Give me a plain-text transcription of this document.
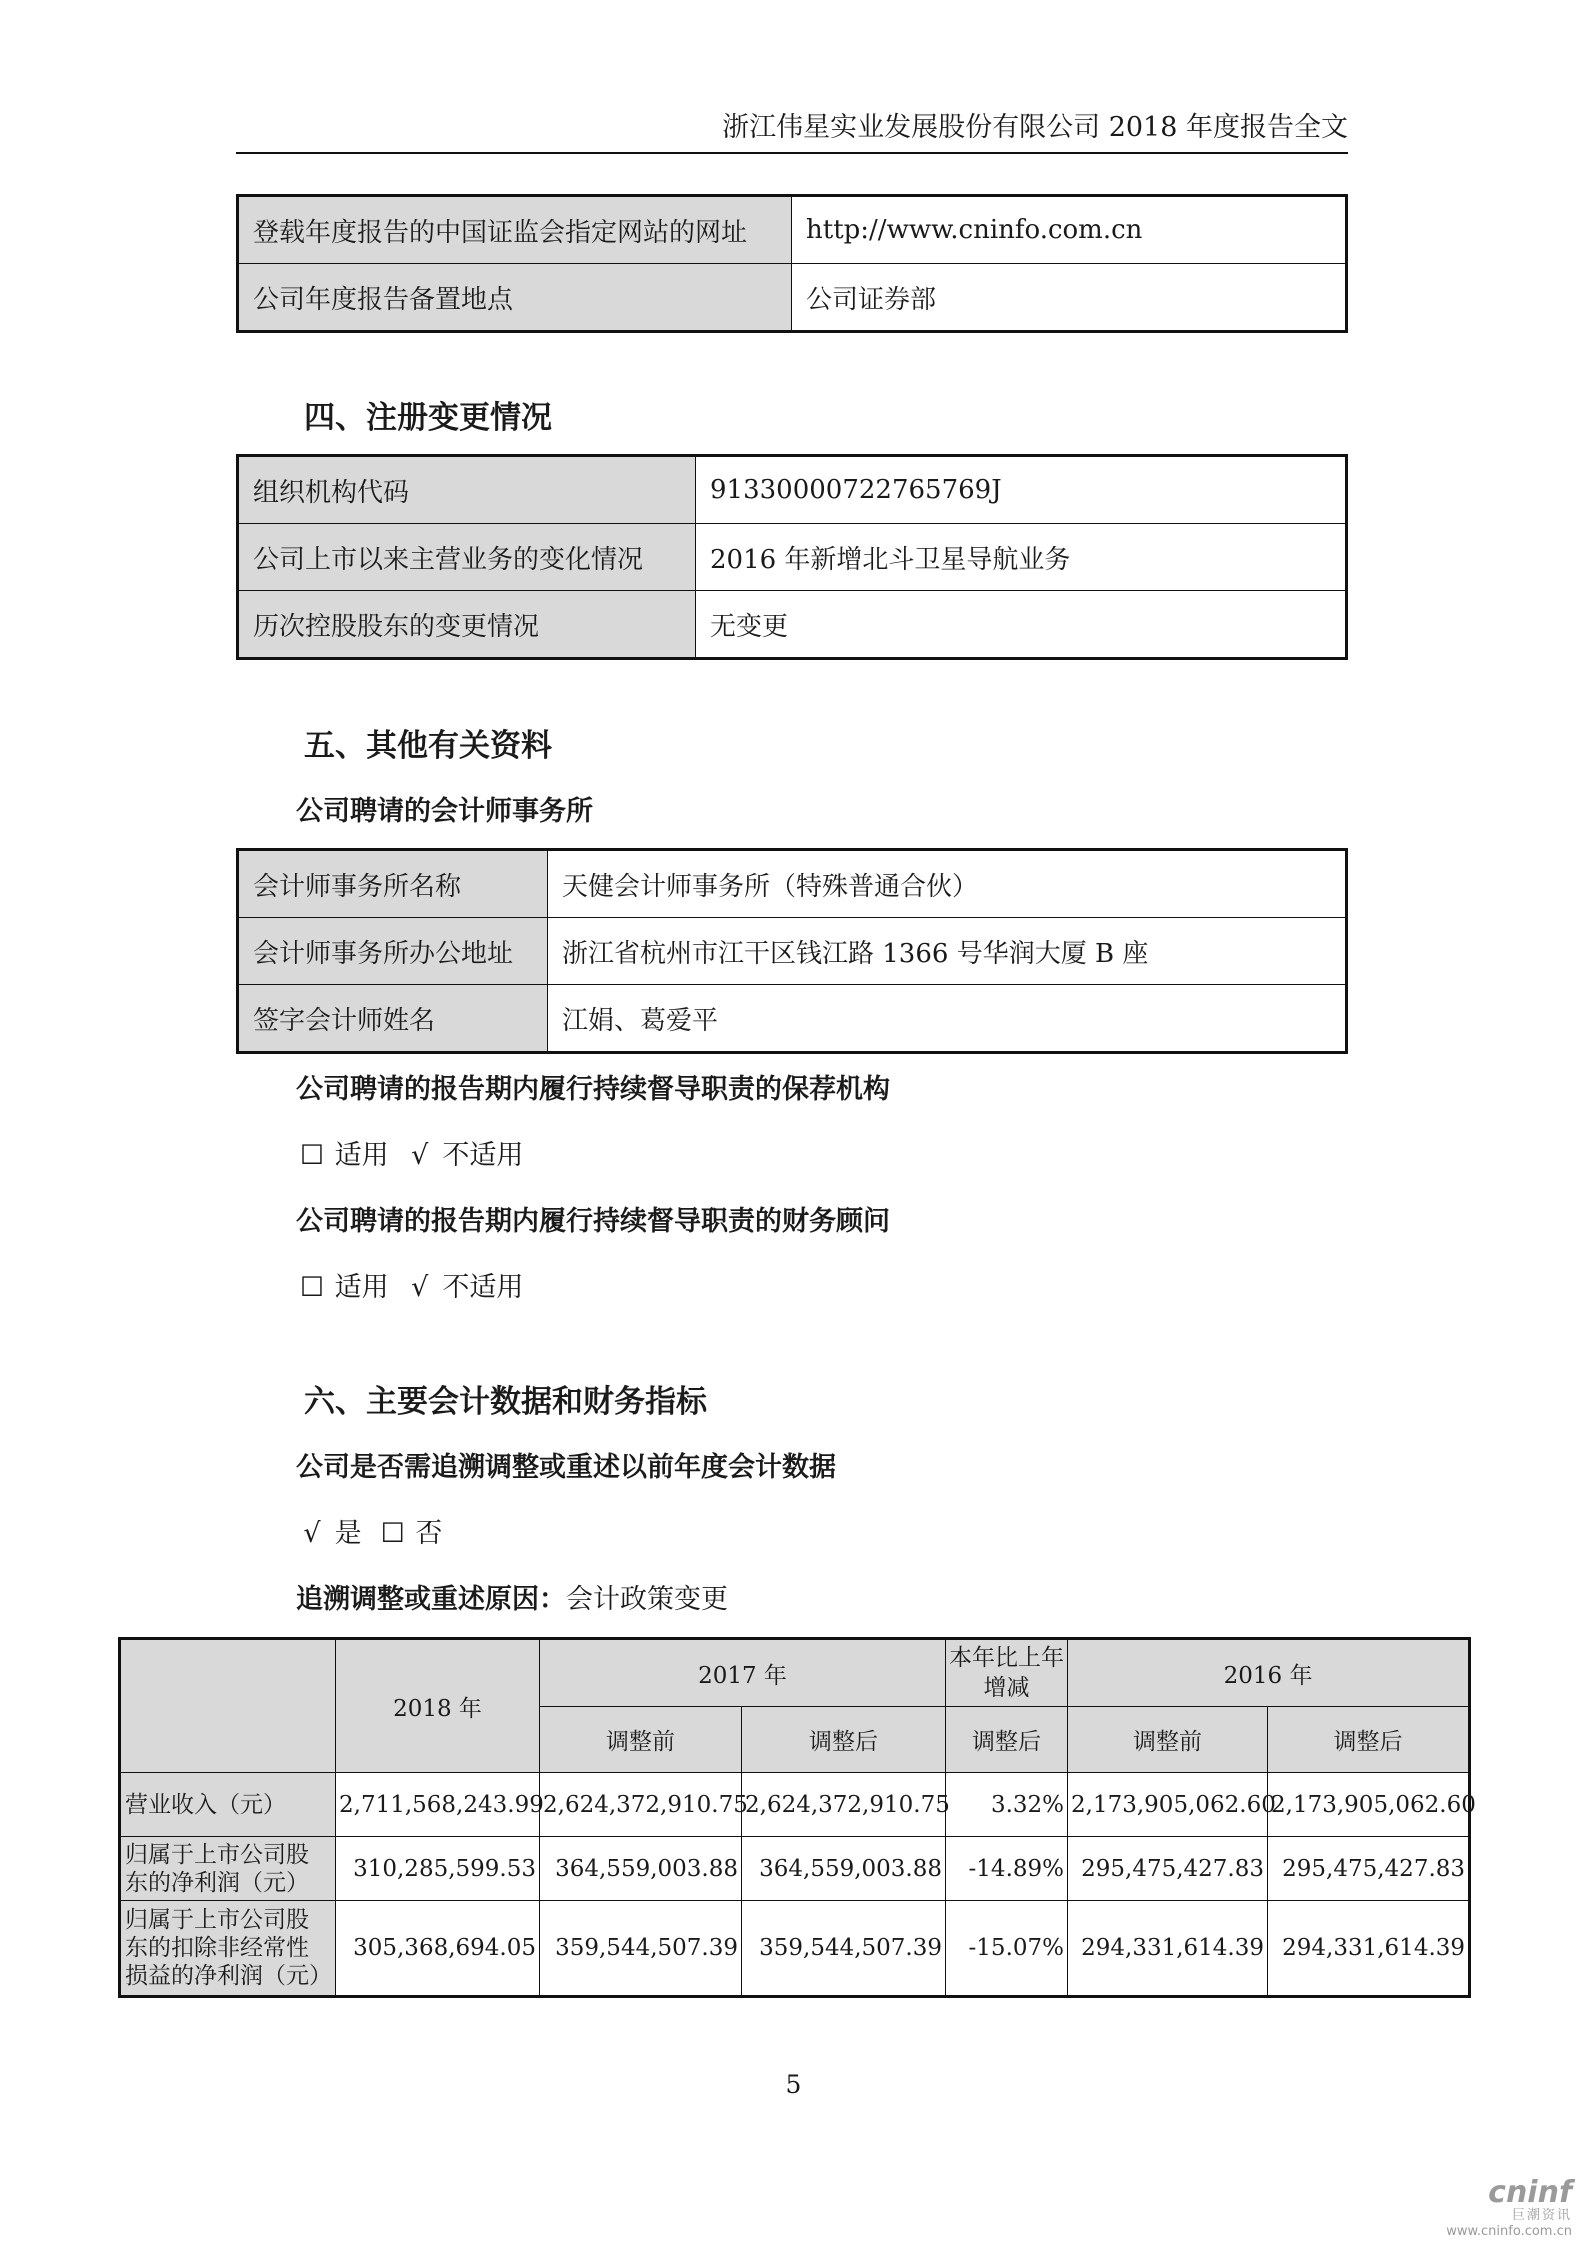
浙江伟星实业发展股份有限公司 2018 年度报告全文
登载年度报告的中国证监会指定网站的网址	http://www.cninfo.com.cn
公司年度报告备置地点	公司证券部
四、注册变更情况
组织机构代码	91330000722765769J
公司上市以来主营业务的变化情况	2016 年新增北斗卫星导航业务
历次控股股东的变更情况	无变更
五、其他有关资料
公司聘请的会计师事务所
会计师事务所名称	天健会计师事务所（特殊普通合伙）
会计师事务所办公地址	浙江省杭州市江干区钱江路 1366 号华润大厦 B 座
签字会计师姓名	江娟、葛爱平
公司聘请的报告期内履行持续督导职责的保荐机构
☐ 适用 √ 不适用
公司聘请的报告期内履行持续督导职责的财务顾问
☐ 适用 √ 不适用
六、主要会计数据和财务指标
公司是否需追溯调整或重述以前年度会计数据
√ 是 ☐ 否
追溯调整或重述原因：会计政策变更
	2018 年	2017 年		本年比上年增减	2016 年	
		调整前	调整后	调整后	调整前	调整后
营业收入（元）	2,711,568,243.99	2,624,372,910.75	2,624,372,910.75	3.32%	2,173,905,062.60	2,173,905,062.60
归属于上市公司股东的净利润（元）	310,285,599.53	364,559,003.88	364,559,003.88	-14.89%	295,475,427.83	295,475,427.83
归属于上市公司股东的扣除非经常性损益的净利润（元）	305,368,694.05	359,544,507.39	359,544,507.39	-15.07%	294,331,614.39	294,331,614.39
5
cninf
巨潮资讯
www.cninfo.com.cn
